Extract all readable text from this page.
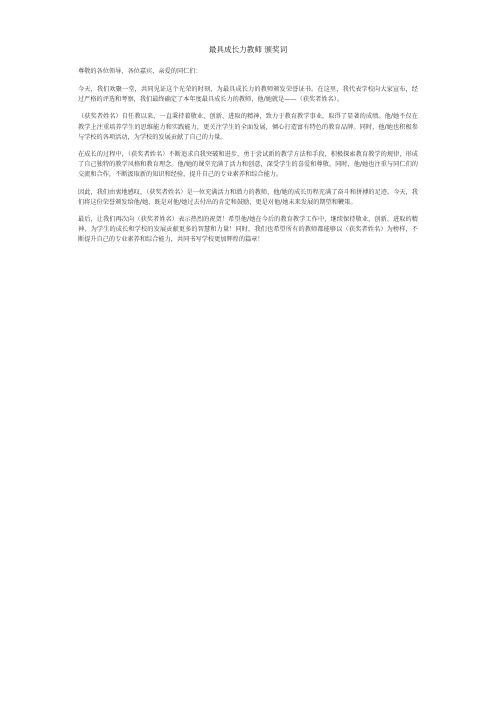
最具成长力教师 颁奖词

尊敬的各位领导、各位嘉宾、亲爱的同仁们：

今天，我们欢聚一堂，共同见证这个光荣的时刻，为最具成长力的教师颁发荣誉证书。在这里，我代表学校向大家宣布，经过严格的评选和考察，我们最终确定了本年度最具成长力的教师，他/她就是——（获奖者姓名）。

（获奖者姓名）自任教以来，一直秉持着敬业、创新、进取的精神，致力于教育教学事业，取得了显著的成绩。他/她不仅在教学上注重培养学生的思维能力和实践能力，更关注学生的全面发展，倾心打造富有特色的教育品牌。同时，他/她也积极参与学校的各项活动，为学校的发展贡献了自己的力量。

在成长的过程中，（获奖者姓名）不断追求自我突破和进步，勇于尝试新的教学方法和手段，积极探索教育教学的规律，形成了自己独特的教学风格和教育理念。他/她的课堂充满了活力和创意，深受学生的喜爱和尊敬。同时，他/她也注重与同仁们的交流和合作，不断汲取新的知识和经验，提升自己的专业素养和综合能力。

因此，我们由衷地感叹，（获奖者姓名）是一位充满活力和潜力的教师，他/她的成长历程充满了奋斗和拼搏的足迹。今天，我们将这份荣誉颁发给他/她，既是对他/她过去付出的肯定和鼓励，更是对他/她未来发展的期望和鞭策。

最后，让我们再次向（获奖者姓名）表示热烈的祝贺！希望他/她在今后的教育教学工作中，继续保持敬业、创新、进取的精神，为学生的成长和学校的发展贡献更多的智慧和力量！同时，我们也希望所有的教师都能够以（获奖者姓名）为榜样，不断提升自己的专业素养和综合能力，共同书写学校更加辉煌的篇章！
